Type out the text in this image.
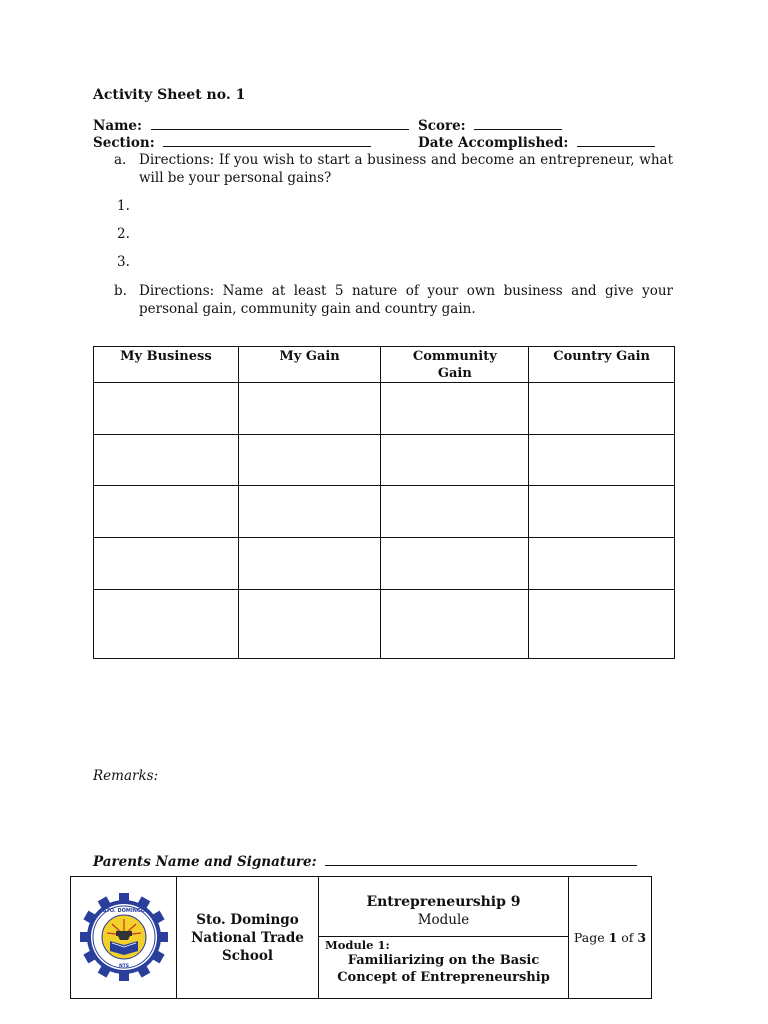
Activity Sheet no. 1
Name:	Score:
Section:	Date Accomplished:
a. Directions: If you wish to start a business and become an entrepreneur, what will be your personal gains?
1.
2.
3.
b. Directions: Name at least 5 nature of your own business and give your personal gain, community gain and country gain.
My Business	My Gain	Community Gain	Country Gain

Remarks:
Parents Name and Signature:
STO. DOMINGO
NTS
Sto. Domingo
National Trade
School
Entrepreneurship 9
Module
Module 1:
Familiarizing on the Basic
Concept of Entrepreneurship
Page 1 of 3
